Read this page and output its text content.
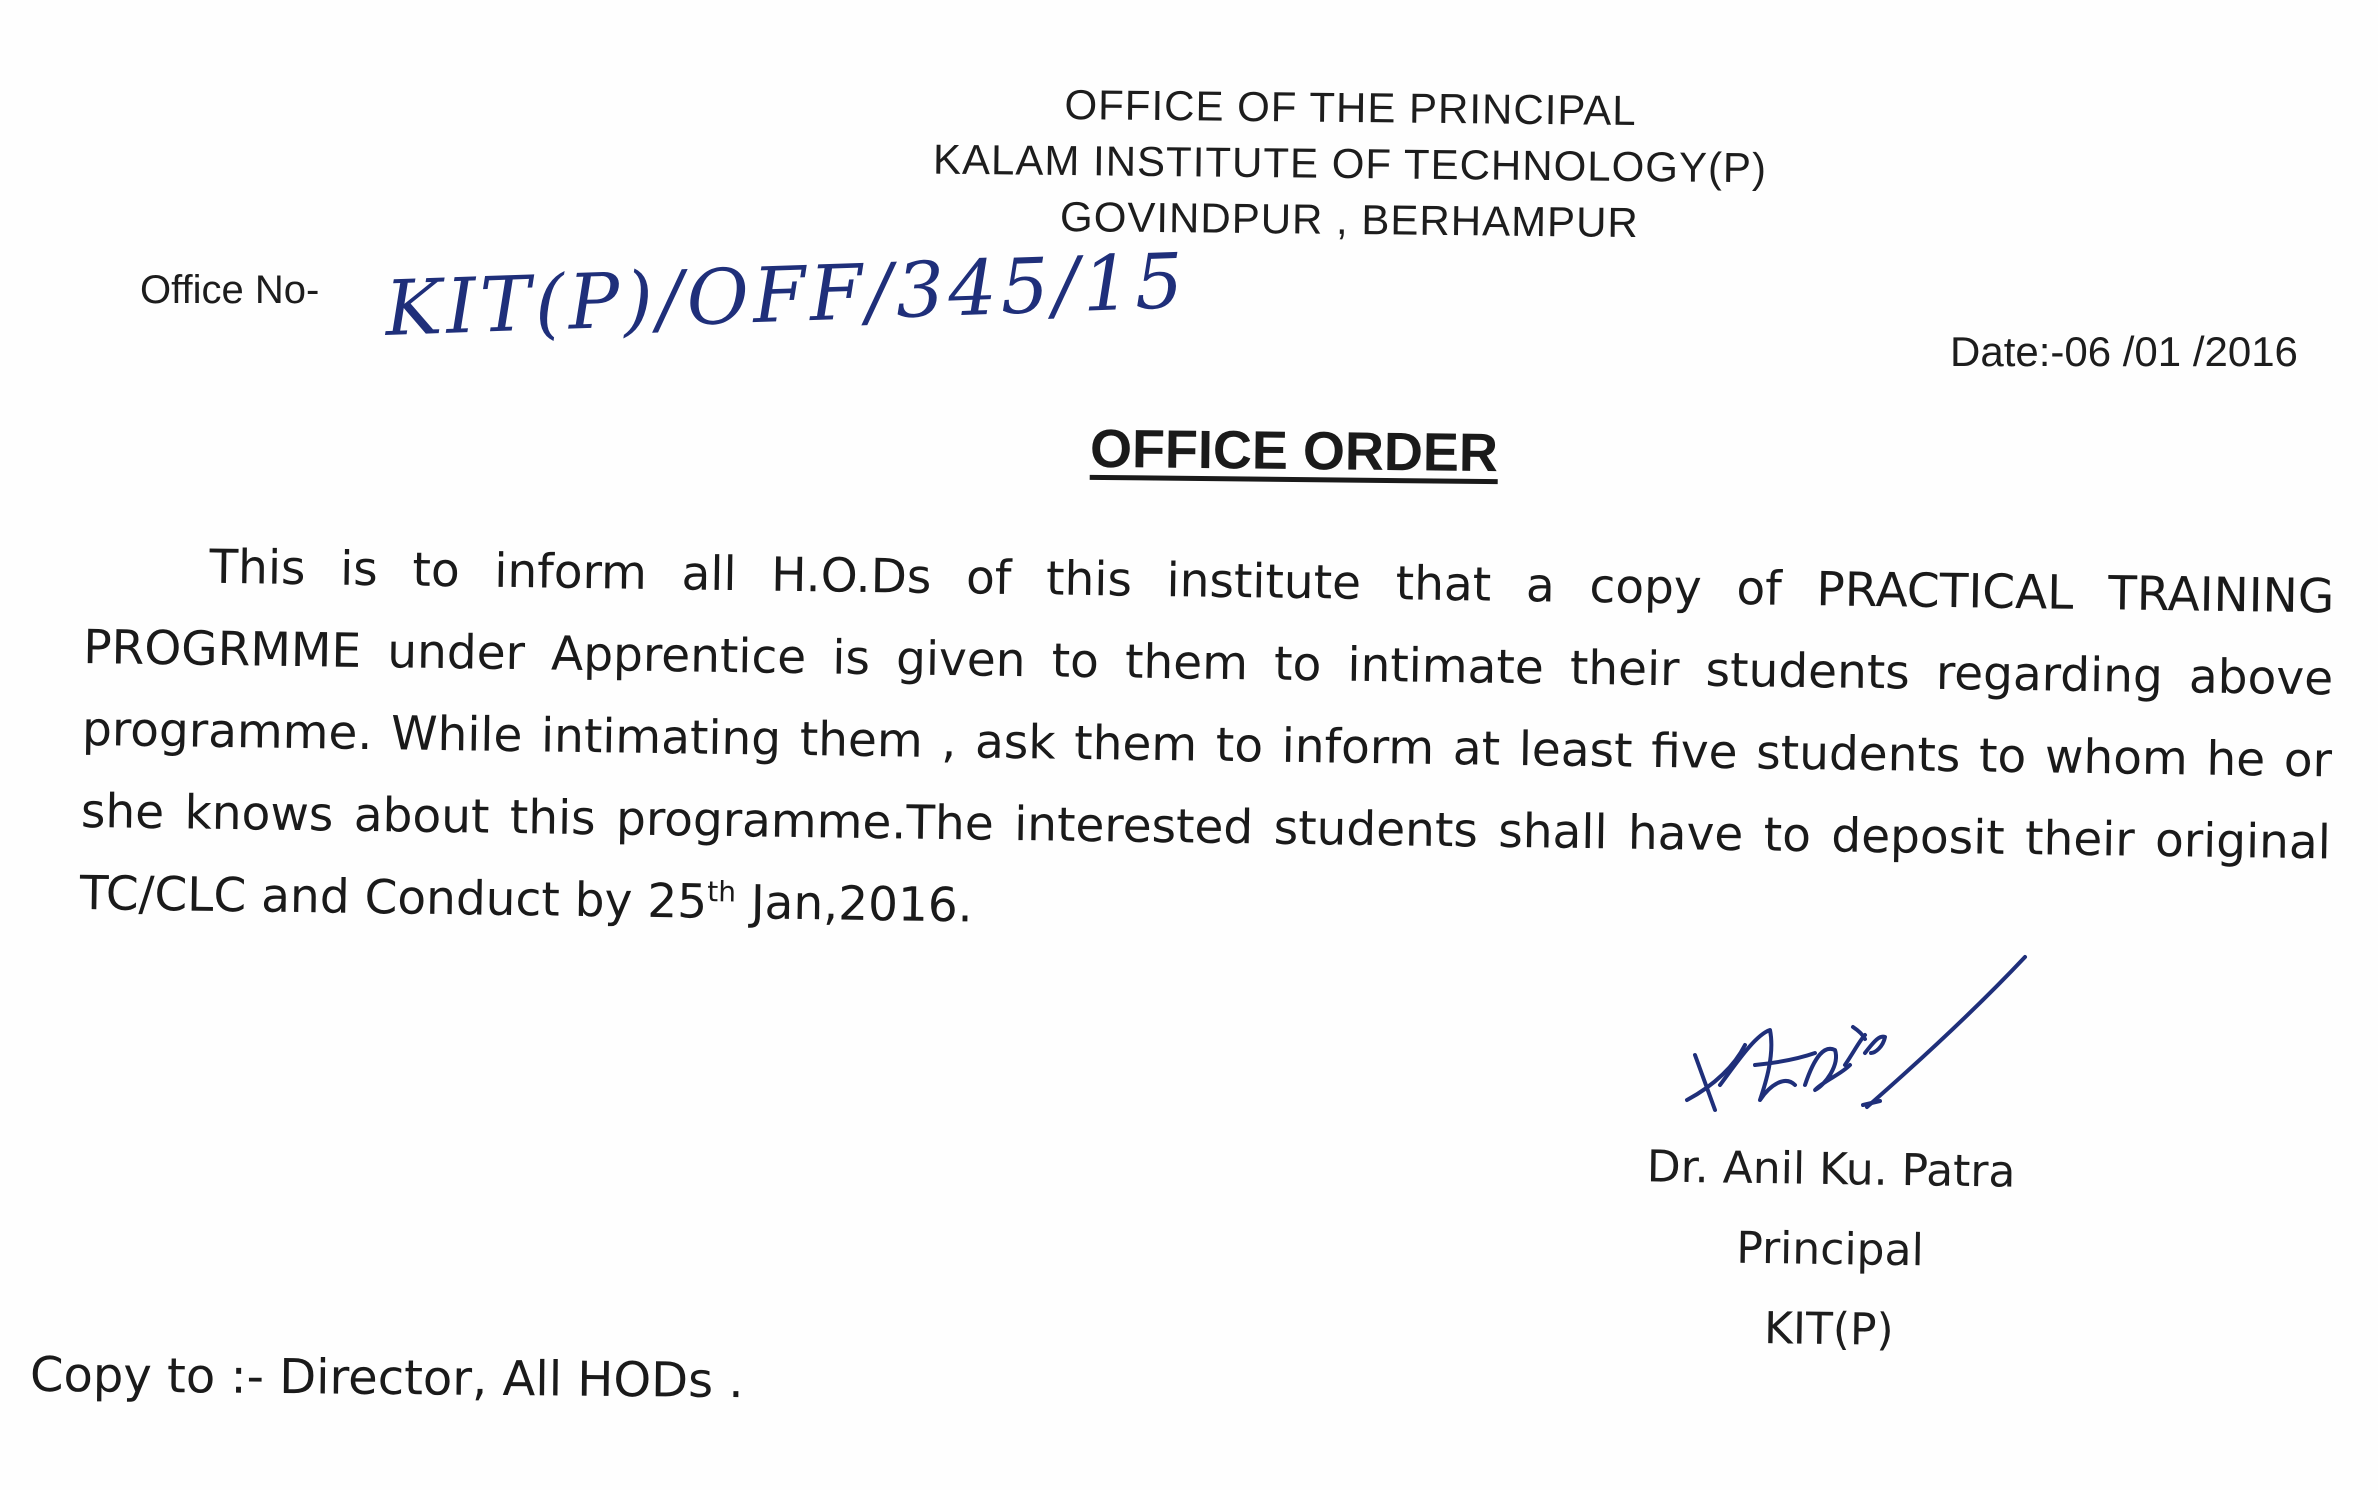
OFFICE OF THE PRINCIPAL
KALAM INSTITUTE OF TECHNOLOGY(P)
GOVINDPUR , BERHAMPUR
Office No- KIT(P)/OFF/345/15	Date:-06 /01 /2016
OFFICE ORDER
This is to inform all H.O.Ds of this institute that a copy of PRACTICAL TRAINING PROGRMME under Apprentice is given to them to intimate their students regarding above programme. While intimating them , ask them to inform at least five students to whom he or she knows about this programme.The interested students shall have to deposit their original TC/CLC and Conduct by 25th Jan,2016.
Dr. Anil Ku. Patra
Principal
KIT(P)
Copy to :- Director, All HODs .
